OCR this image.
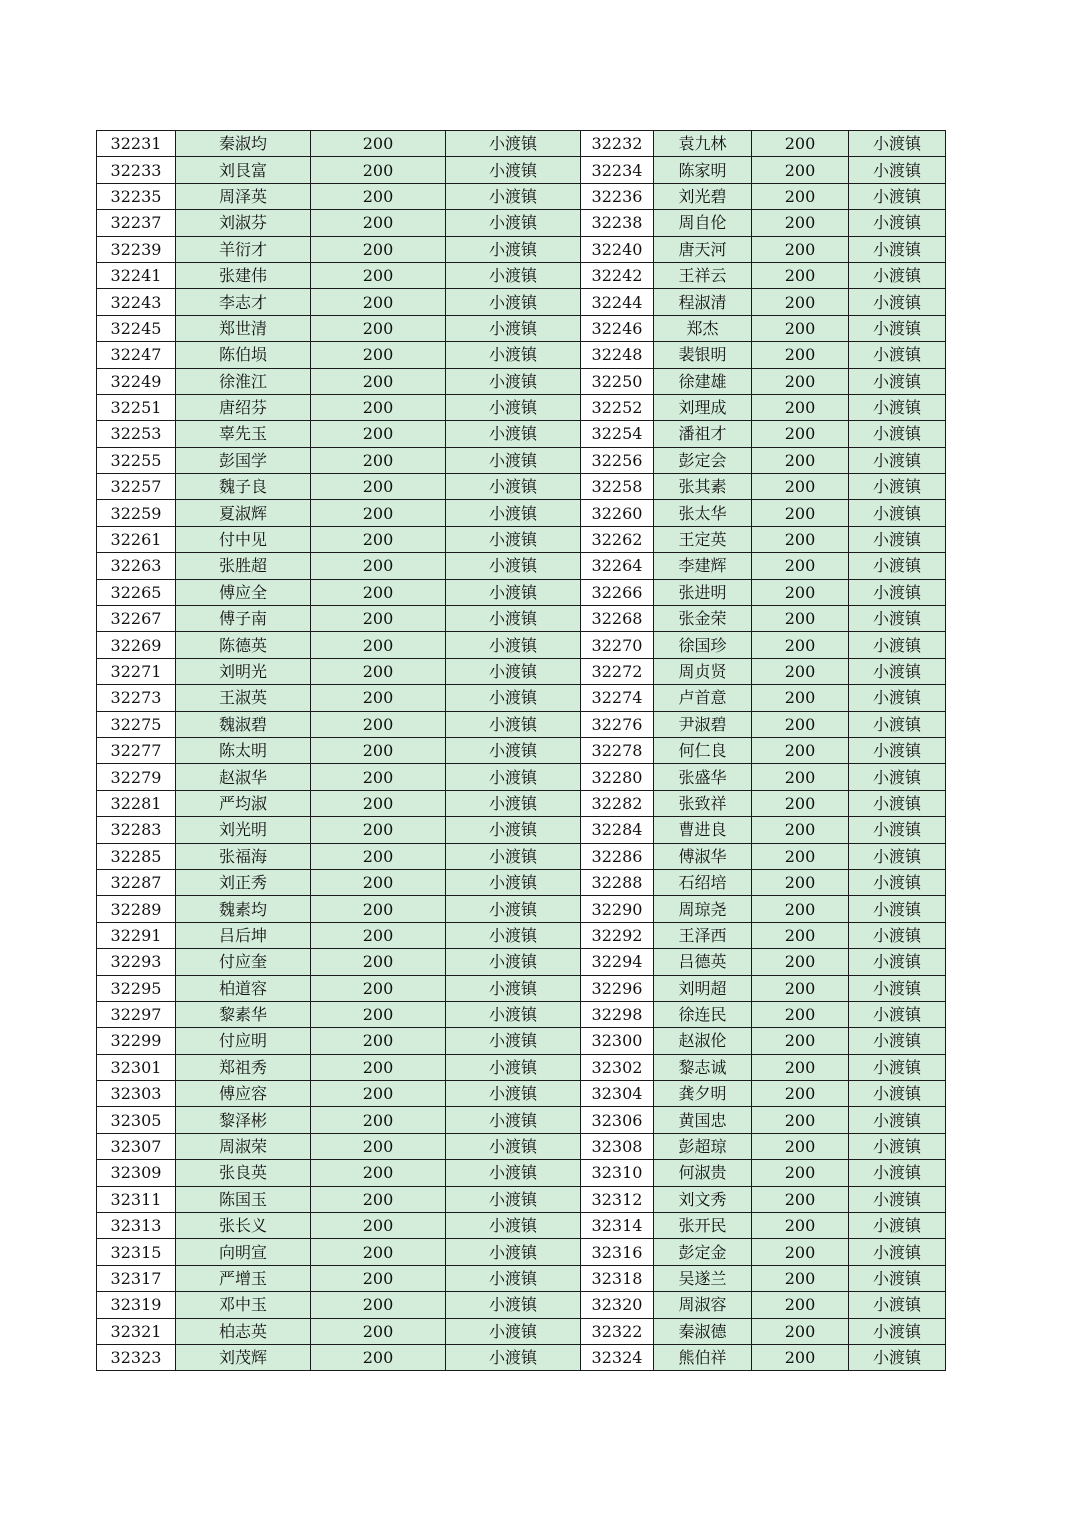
32231	秦淑均	200	小渡镇	32232	袁九林	200	小渡镇
32233	刘艮富	200	小渡镇	32234	陈家明	200	小渡镇
32235	周泽英	200	小渡镇	32236	刘光碧	200	小渡镇
32237	刘淑芬	200	小渡镇	32238	周自伦	200	小渡镇
32239	羊衍才	200	小渡镇	32240	唐天河	200	小渡镇
32241	张建伟	200	小渡镇	32242	王祥云	200	小渡镇
32243	李志才	200	小渡镇	32244	程淑清	200	小渡镇
32245	郑世清	200	小渡镇	32246	郑杰	200	小渡镇
32247	陈伯埙	200	小渡镇	32248	裴银明	200	小渡镇
32249	徐淮江	200	小渡镇	32250	徐建雄	200	小渡镇
32251	唐绍芬	200	小渡镇	32252	刘理成	200	小渡镇
32253	辜先玉	200	小渡镇	32254	潘祖才	200	小渡镇
32255	彭国学	200	小渡镇	32256	彭定会	200	小渡镇
32257	魏子良	200	小渡镇	32258	张其素	200	小渡镇
32259	夏淑辉	200	小渡镇	32260	张太华	200	小渡镇
32261	付中见	200	小渡镇	32262	王定英	200	小渡镇
32263	张胜超	200	小渡镇	32264	李建辉	200	小渡镇
32265	傅应全	200	小渡镇	32266	张进明	200	小渡镇
32267	傅子南	200	小渡镇	32268	张金荣	200	小渡镇
32269	陈德英	200	小渡镇	32270	徐国珍	200	小渡镇
32271	刘明光	200	小渡镇	32272	周贞贤	200	小渡镇
32273	王淑英	200	小渡镇	32274	卢首意	200	小渡镇
32275	魏淑碧	200	小渡镇	32276	尹淑碧	200	小渡镇
32277	陈太明	200	小渡镇	32278	何仁良	200	小渡镇
32279	赵淑华	200	小渡镇	32280	张盛华	200	小渡镇
32281	严均淑	200	小渡镇	32282	张致祥	200	小渡镇
32283	刘光明	200	小渡镇	32284	曹进良	200	小渡镇
32285	张福海	200	小渡镇	32286	傅淑华	200	小渡镇
32287	刘正秀	200	小渡镇	32288	石绍培	200	小渡镇
32289	魏素均	200	小渡镇	32290	周琼尧	200	小渡镇
32291	吕后坤	200	小渡镇	32292	王泽西	200	小渡镇
32293	付应奎	200	小渡镇	32294	吕德英	200	小渡镇
32295	柏道容	200	小渡镇	32296	刘明超	200	小渡镇
32297	黎素华	200	小渡镇	32298	徐连民	200	小渡镇
32299	付应明	200	小渡镇	32300	赵淑伦	200	小渡镇
32301	郑祖秀	200	小渡镇	32302	黎志诚	200	小渡镇
32303	傅应容	200	小渡镇	32304	龚夕明	200	小渡镇
32305	黎泽彬	200	小渡镇	32306	黄国忠	200	小渡镇
32307	周淑荣	200	小渡镇	32308	彭超琼	200	小渡镇
32309	张良英	200	小渡镇	32310	何淑贵	200	小渡镇
32311	陈国玉	200	小渡镇	32312	刘文秀	200	小渡镇
32313	张长义	200	小渡镇	32314	张开民	200	小渡镇
32315	向明宣	200	小渡镇	32316	彭定金	200	小渡镇
32317	严增玉	200	小渡镇	32318	吴遂兰	200	小渡镇
32319	邓中玉	200	小渡镇	32320	周淑容	200	小渡镇
32321	柏志英	200	小渡镇	32322	秦淑德	200	小渡镇
32323	刘茂辉	200	小渡镇	32324	熊伯祥	200	小渡镇
